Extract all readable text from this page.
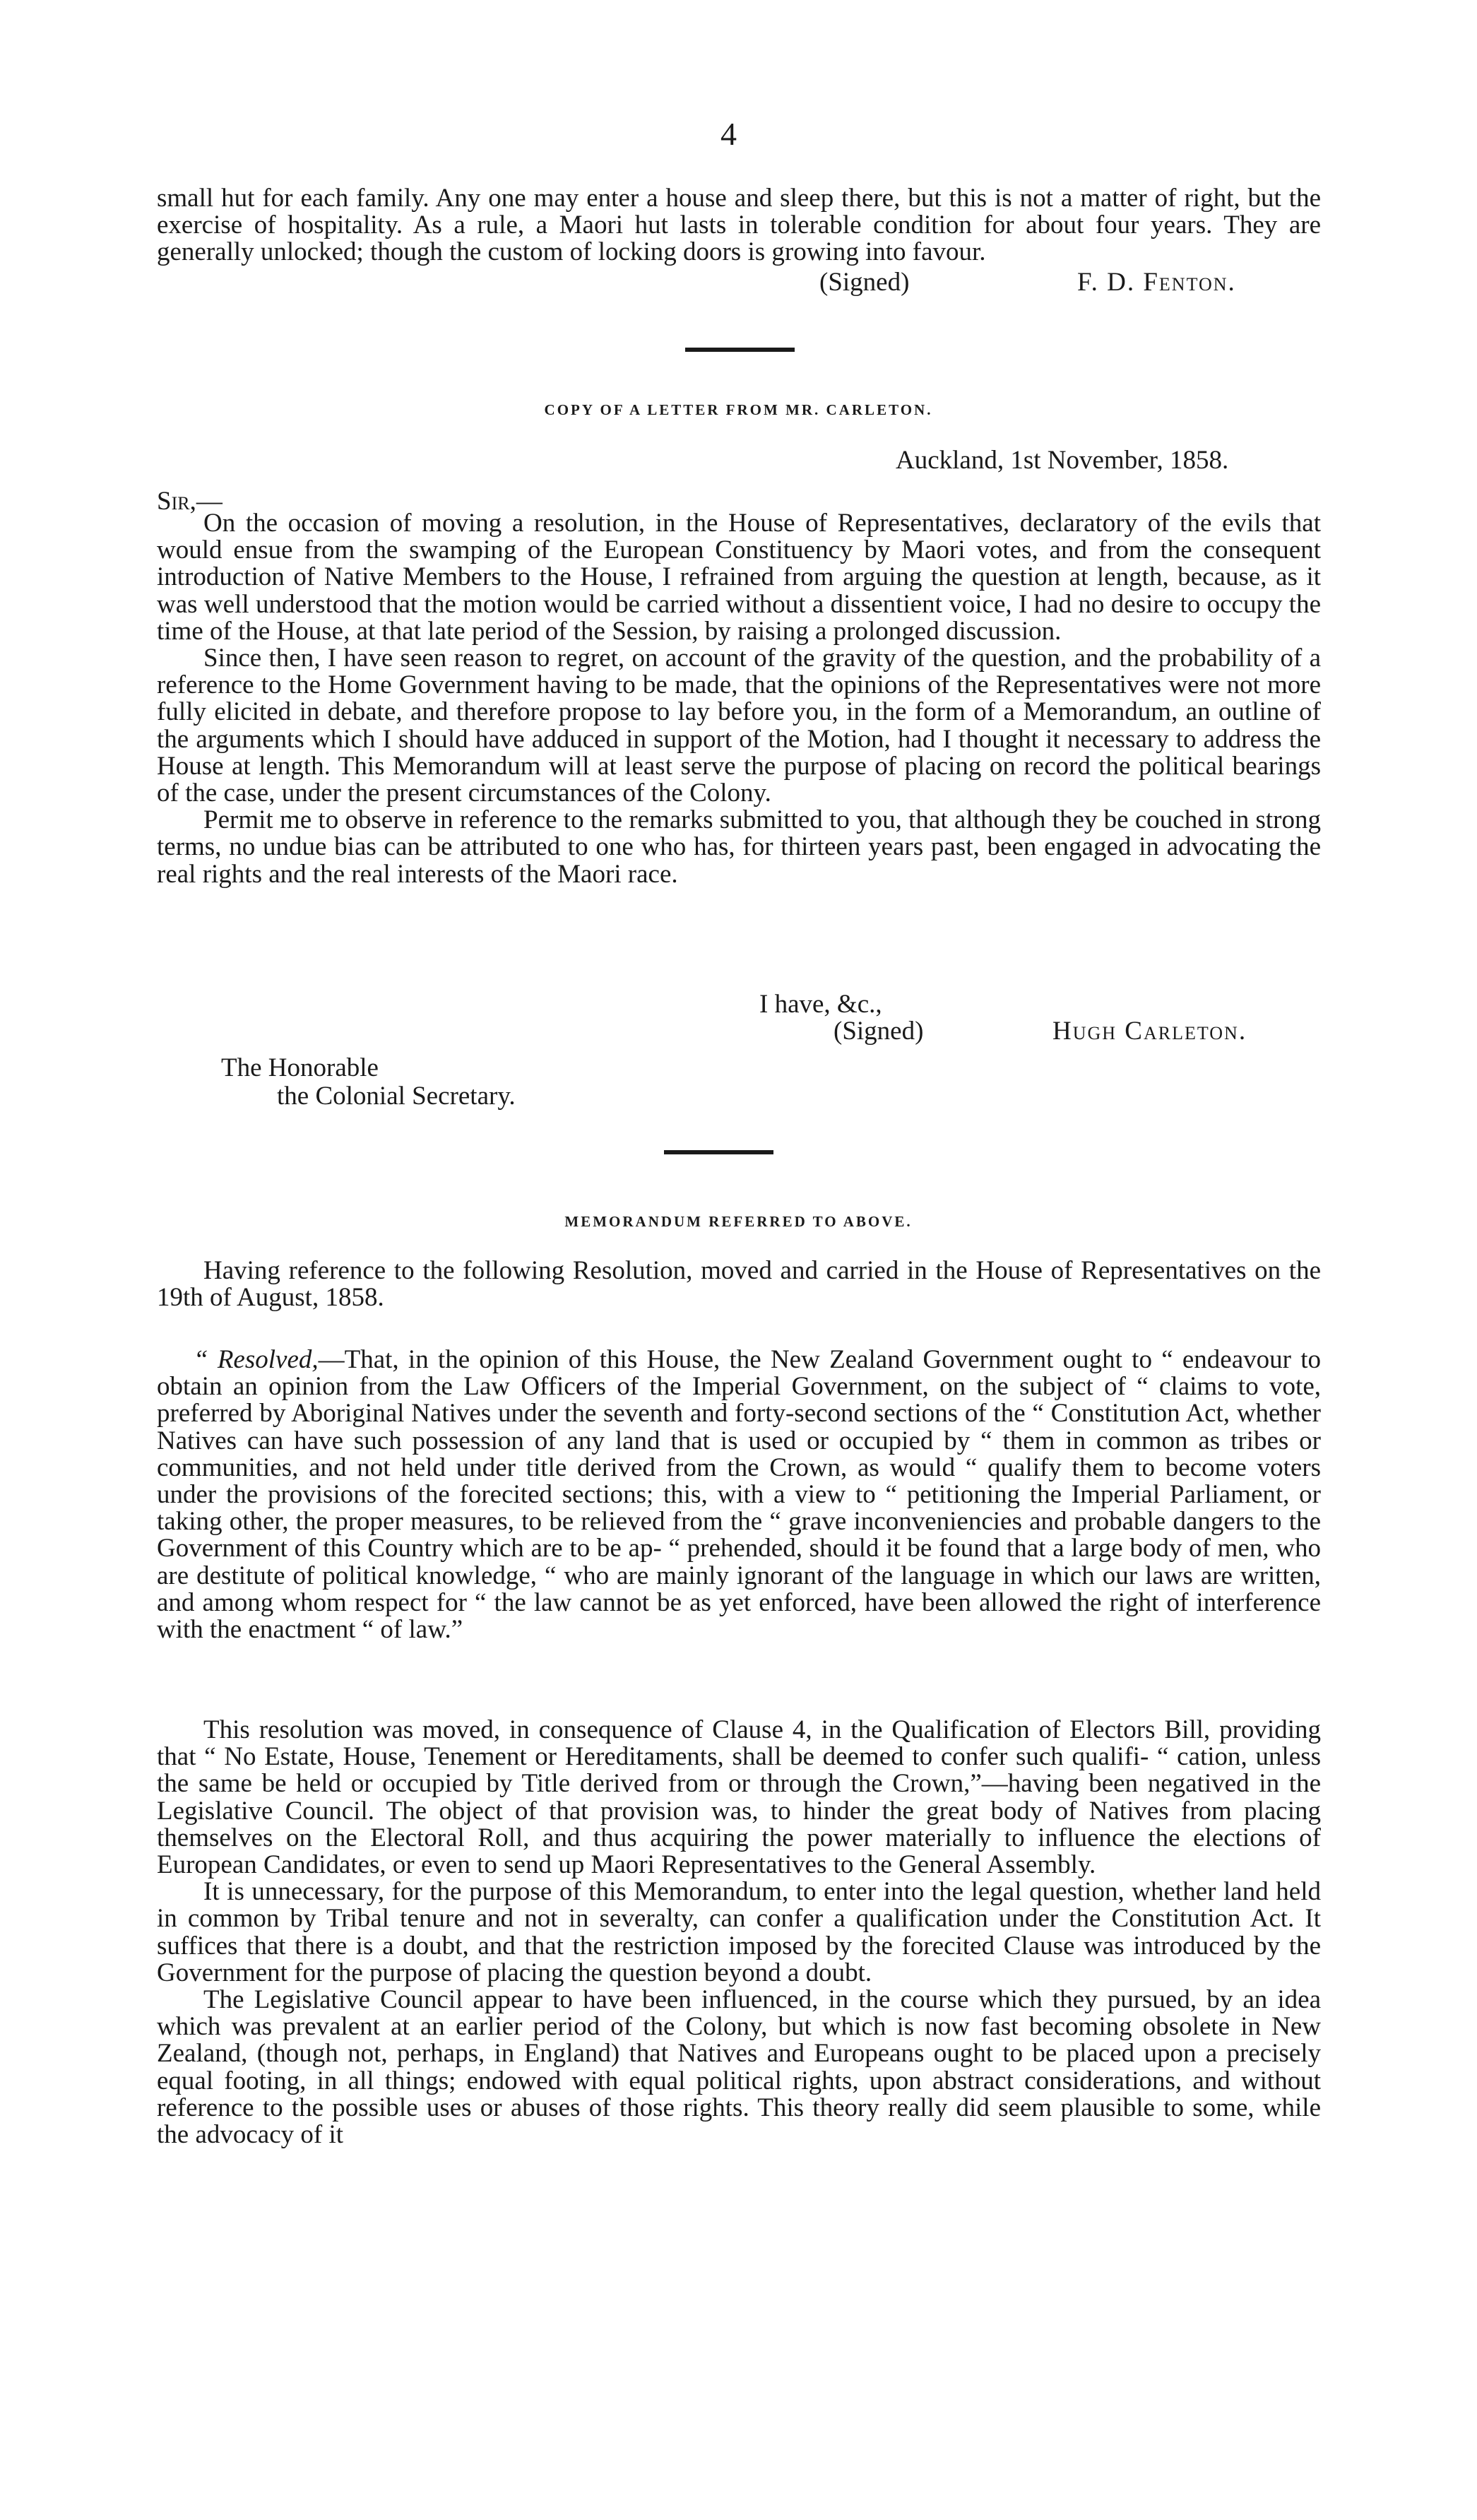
4

small hut for each family. Any one may enter a house and sleep there, but this is not a matter of right, but the exercise of hospitality. As a rule, a Maori hut lasts in tolerable condition for about four years. They are generally unlocked; though the custom of locking doors is growing into favour.

(Signed)	F. D. Fenton.
COPY OF A LETTER FROM MR. CARLETON.
Auckland, 1st November, 1858.
Sir,—

On the occasion of moving a resolution, in the House of Representatives, declaratory of the evils that would ensue from the swamping of the European Constituency by Maori votes, and from the consequent introduction of Native Members to the House, I refrained from arguing the question at length, because, as it was well understood that the motion would be carried without a dissentient voice, I had no desire to occupy the time of the House, at that late period of the Session, by raising a prolonged discussion.

Since then, I have seen reason to regret, on account of the gravity of the question, and the probability of a reference to the Home Government having to be made, that the opinions of the Representatives were not more fully elicited in debate, and therefore propose to lay before you, in the form of a Memorandum, an outline of the arguments which I should have adduced in support of the Motion, had I thought it necessary to address the House at length. This Memorandum will at least serve the purpose of placing on record the political bearings of the case, under the present circumstances of the Colony.

Permit me to observe in reference to the remarks submitted to you, that although they be couched in strong terms, no undue bias can be attributed to one who has, for thirteen years past, been engaged in advocating the real rights and the real interests of the Maori race.

I have, &c.,
(Signed)	Hugh Carleton.
The Honorable
the Colonial Secretary.
MEMORANDUM REFERRED TO ABOVE.

Having reference to the following Resolution, moved and carried in the House of Representatives on the 19th of August, 1858.

“ Resolved,—That, in the opinion of this House, the New Zealand Government ought to “ endeavour to obtain an opinion from the Law Officers of the Imperial Government, on the subject of “ claims to vote, preferred by Aboriginal Natives under the seventh and forty-second sections of the “ Constitution Act, whether Natives can have such possession of any land that is used or occupied by “ them in common as tribes or communities, and not held under title derived from the Crown, as would “ qualify them to become voters under the provisions of the forecited sections; this, with a view to “ petitioning the Imperial Parliament, or taking other, the proper measures, to be relieved from the “ grave inconveniencies and probable dangers to the Government of this Country which are to be ap- “ prehended, should it be found that a large body of men, who are destitute of political knowledge, “ who are mainly ignorant of the language in which our laws are written, and among whom respect for “ the law cannot be as yet enforced, have been allowed the right of interference with the enactment “ of law.”

This resolution was moved, in consequence of Clause 4, in the Qualification of Electors Bill, providing that “ No Estate, House, Tenement or Hereditaments, shall be deemed to confer such qualifi- “ cation, unless the same be held or occupied by Title derived from or through the Crown,”—having been negatived in the Legislative Council. The object of that provision was, to hinder the great body of Natives from placing themselves on the Electoral Roll, and thus acquiring the power materially to influence the elections of European Candidates, or even to send up Maori Representatives to the General Assembly.

It is unnecessary, for the purpose of this Memorandum, to enter into the legal question, whether land held in common by Tribal tenure and not in severalty, can confer a qualification under the Constitution Act. It suffices that there is a doubt, and that the restriction imposed by the forecited Clause was introduced by the Government for the purpose of placing the question beyond a doubt.

The Legislative Council appear to have been influenced, in the course which they pursued, by an idea which was prevalent at an earlier period of the Colony, but which is now fast becoming obsolete in New Zealand, (though not, perhaps, in England) that Natives and Europeans ought to be placed upon a precisely equal footing, in all things; endowed with equal political rights, upon abstract considerations, and without reference to the possible uses or abuses of those rights. This theory really did seem plausible to some, while the advocacy of it
